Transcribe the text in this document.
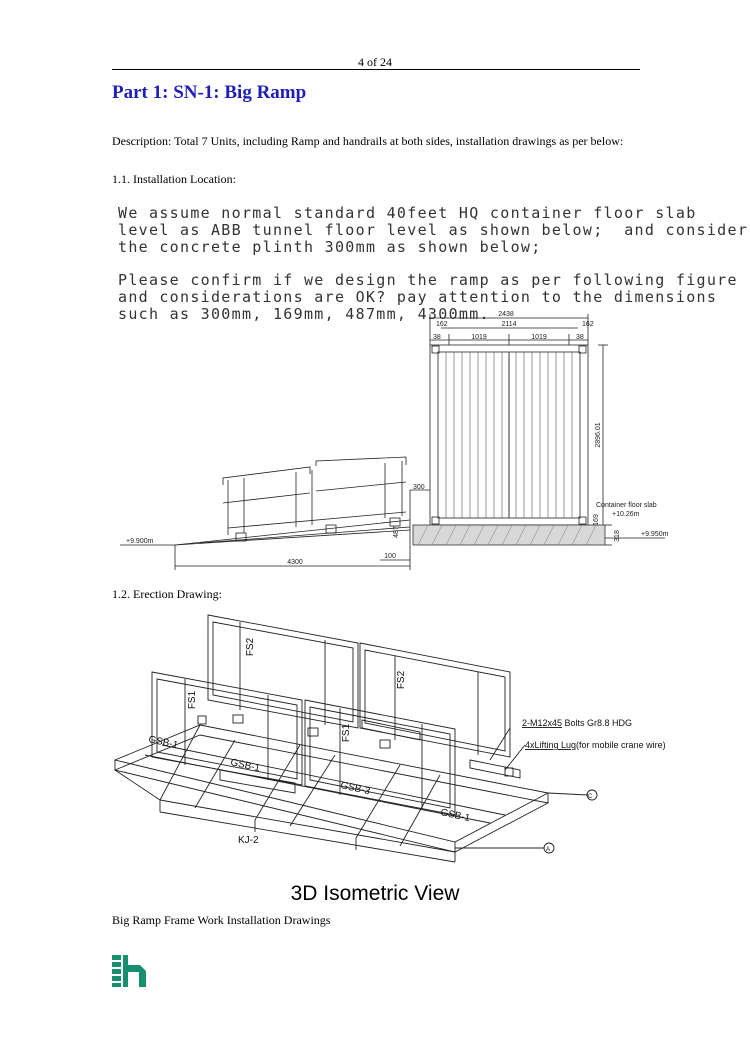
4 of 24
Part 1: SN-1: Big Ramp

Description: Total 7 Units, including Ramp and handrails at both sides, installation drawings as per below:

1.1. Installation Location:
We assume normal standard 40feet HQ container floor slab
level as ABB tunnel floor level as shown below;  and consider
the concrete plinth 300mm as shown below;
Please confirm if we design the ramp as per following figure
and considerations are OK? pay attention to the dimensions
such as 300mm, 169mm, 487mm, 4300mm. 2438
2114
162	162
38	38
1019	1019
2896.01
300
487
169
318
4300
100
+9.900m
+9.950m
+10.26m
Container floor slab
1.2. Erection Drawing:
FS2
FS2
FS1
FS1
GSB-1
GSB-1
GSB-3
GSB-1
KJ-2
C
A
2-M12x45 Bolts Gr8.8 HDG
4xLifting Lug(for mobile crane wire)
3D Isometric View
Big Ramp Frame Work Installation Drawings
